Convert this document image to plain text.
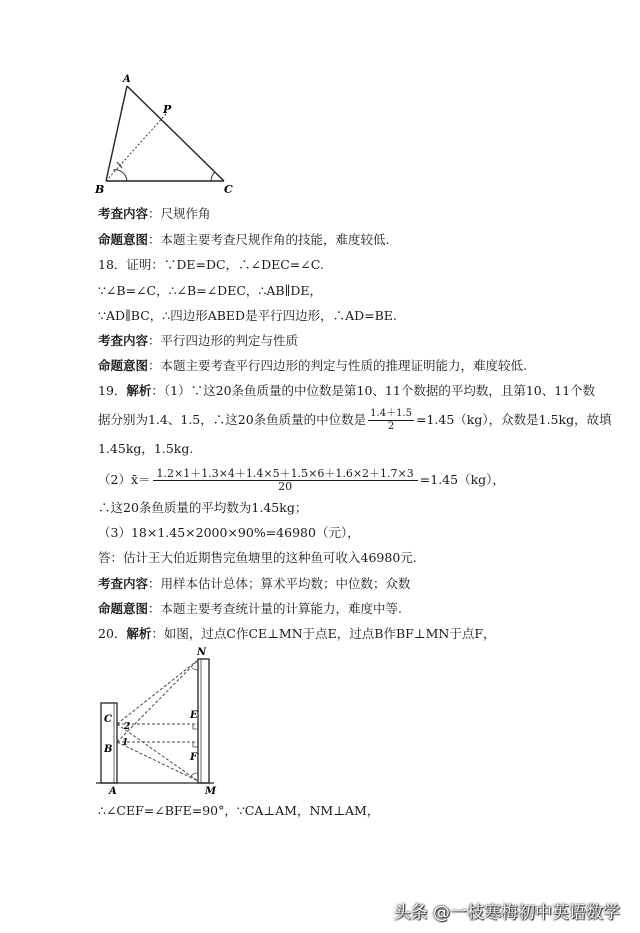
A
P
B	C
考查内容：尺规作角
命题意图：本题主要考查尺规作角的技能，难度较低.
18．证明：∵DE=DC，∴∠DEC=∠C.
∵∠B=∠C，∴∠B=∠DEC，∴AB∥DE，
∵AD∥BC，∴四边形ABED是平行四边形，∴AD=BE.
考查内容：平行四边形的判定与性质
命题意图：本题主要考查平行四边形的判定与性质的推理证明能力，难度较低.
19．解析：（1）∵这20条鱼质量的中位数是第10、11个数据的平均数，且第10、11个数
据分别为1.4、1.5，∴这20条鱼质量的中位数是 $\frac{1.4+1.5}{2} =1.45(kg)$，众数是1.5kg，故填
1.45kg，1.5kg.
（2）x̄＝ $\frac{1.2\times 1+1.3\times 4+1.4\times 5+1.5\times 6+1.6\times 2+1.7\times 3}{20} =1.45(kg)$，
∴这20条鱼质量的平均数为1.45kg；
（3）18×1.45×2000×90%=46980（元），
答：估计王大伯近期售完鱼塘里的这种鱼可收入46980元.
考查内容：用样本估计总体；算术平均数；中位数；众数
命题意图：本题主要考查统计量的计算能力，难度中等.
20．解析：如图，过点C作CE⊥MN于点E，过点B作BF⊥MN于点F，
N
C
B
E
F
2
1
A	M
∴∠CEF=∠BFE=90°，∵CA⊥AM，NM⊥AM，
头条 @一枝寒梅初中英语数学
